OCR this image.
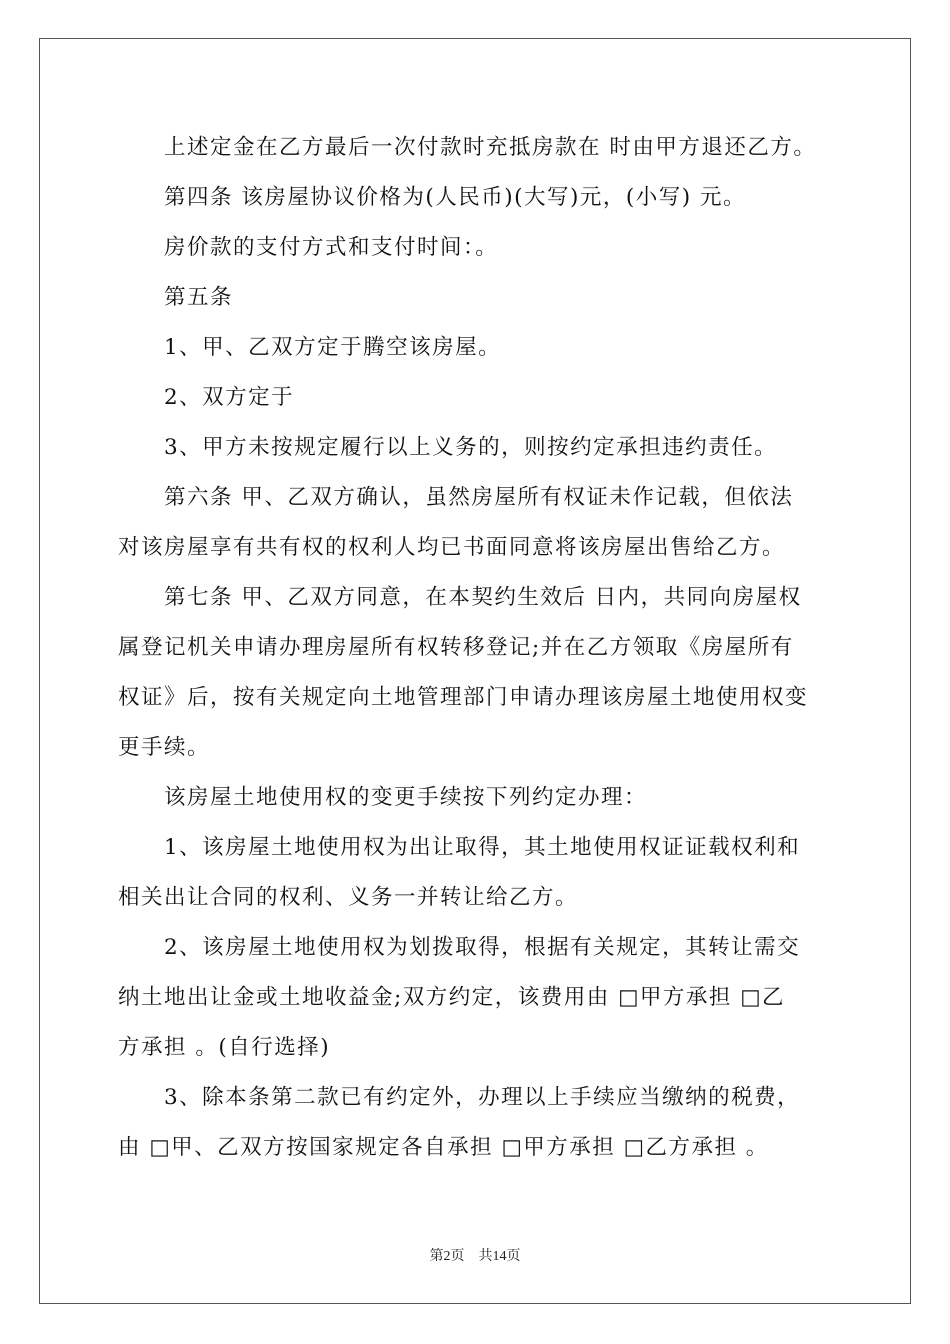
　　上述定金在乙方最后一次付款时充抵房款在 时由甲方退还乙方。
　　第四条 该房屋协议价格为(人民币)(大写)元，(小写) 元。
　　房价款的支付方式和支付时间：。
　　第五条
　　1、甲、乙双方定于腾空该房屋。
　　2、双方定于
　　3、甲方未按规定履行以上义务的，则按约定承担违约责任。
　　第六条 甲、乙双方确认，虽然房屋所有权证未作记载，但依法
对该房屋享有共有权的权利人均已书面同意将该房屋出售给乙方。
　　第七条 甲、乙双方同意，在本契约生效后 日内，共同向房屋权
属登记机关申请办理房屋所有权转移登记;并在乙方领取《房屋所有
权证》后，按有关规定向土地管理部门申请办理该房屋土地使用权变
更手续。
　　该房屋土地使用权的变更手续按下列约定办理：
　　1、该房屋土地使用权为出让取得，其土地使用权证证载权利和
相关出让合同的权利、义务一并转让给乙方。
　　2、该房屋土地使用权为划拨取得，根据有关规定，其转让需交
纳土地出让金或土地收益金;双方约定，该费用由 □甲方承担 □乙
方承担 。(自行选择)
　　3、除本条第二款已有约定外，办理以上手续应当缴纳的税费，
由 □甲、乙双方按国家规定各自承担 □甲方承担 □乙方承担 。
第2页　共14页
